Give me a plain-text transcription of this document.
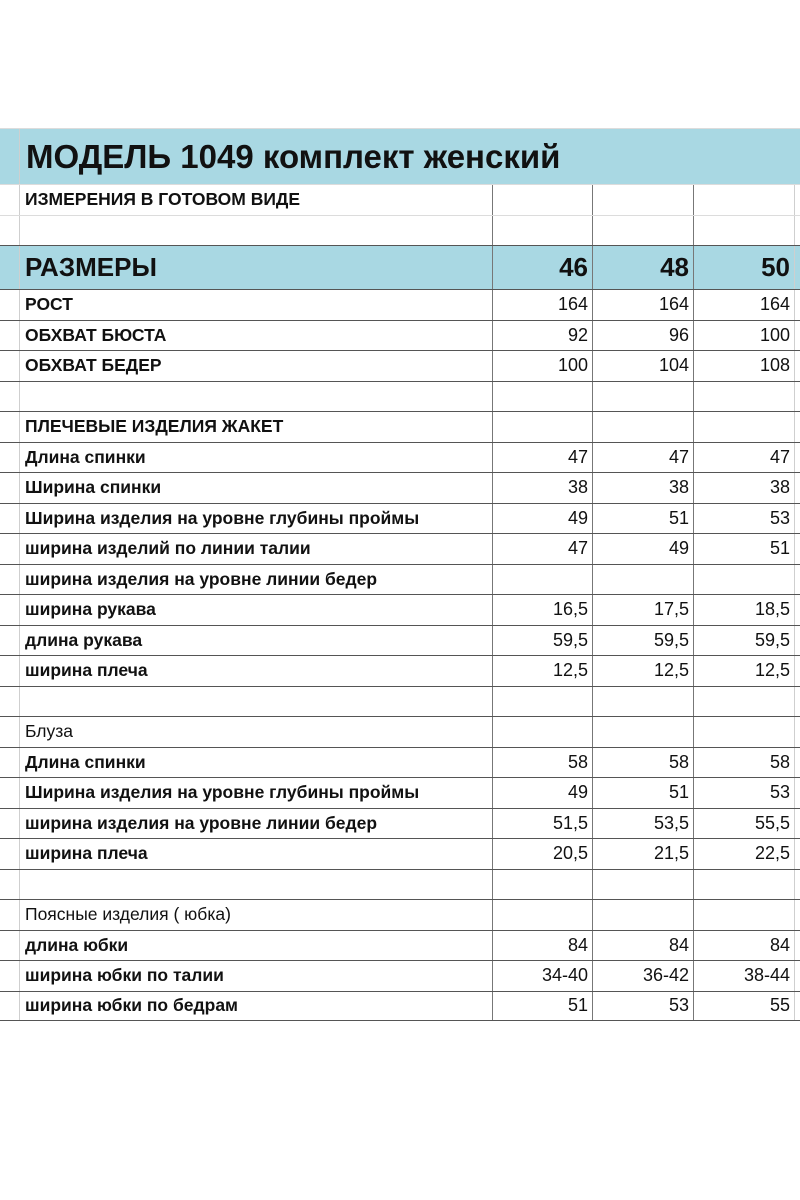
МОДЕЛЬ 1049 комплект женский
ИЗМЕРЕНИЯ В ГОТОВОМ ВИДЕ
РАЗМЕРЫ	46	48	50
РОСТ	164	164	164
ОБХВАТ БЮСТА	92	96	100
ОБХВАТ БЕДЕР	100	104	108
ПЛЕЧЕВЫЕ ИЗДЕЛИЯ ЖАКЕТ
Длина спинки	47	47	47
Ширина спинки	38	38	38
Ширина изделия на уровне глубины проймы	49	51	53
ширина изделий по линии талии	47	49	51
ширина изделия на уровне линии бедер
ширина рукава	16,5	17,5	18,5
длина рукава	59,5	59,5	59,5
ширина плеча	12,5	12,5	12,5
Блуза
Длина спинки	58	58	58
Ширина изделия на уровне глубины проймы	49	51	53
ширина изделия на уровне линии бедер	51,5	53,5	55,5
ширина плеча	20,5	21,5	22,5
Поясные изделия ( юбка)
длина юбки	84	84	84
ширина юбки по талии	34-40	36-42	38-44
ширина юбки по бедрам	51	53	55
